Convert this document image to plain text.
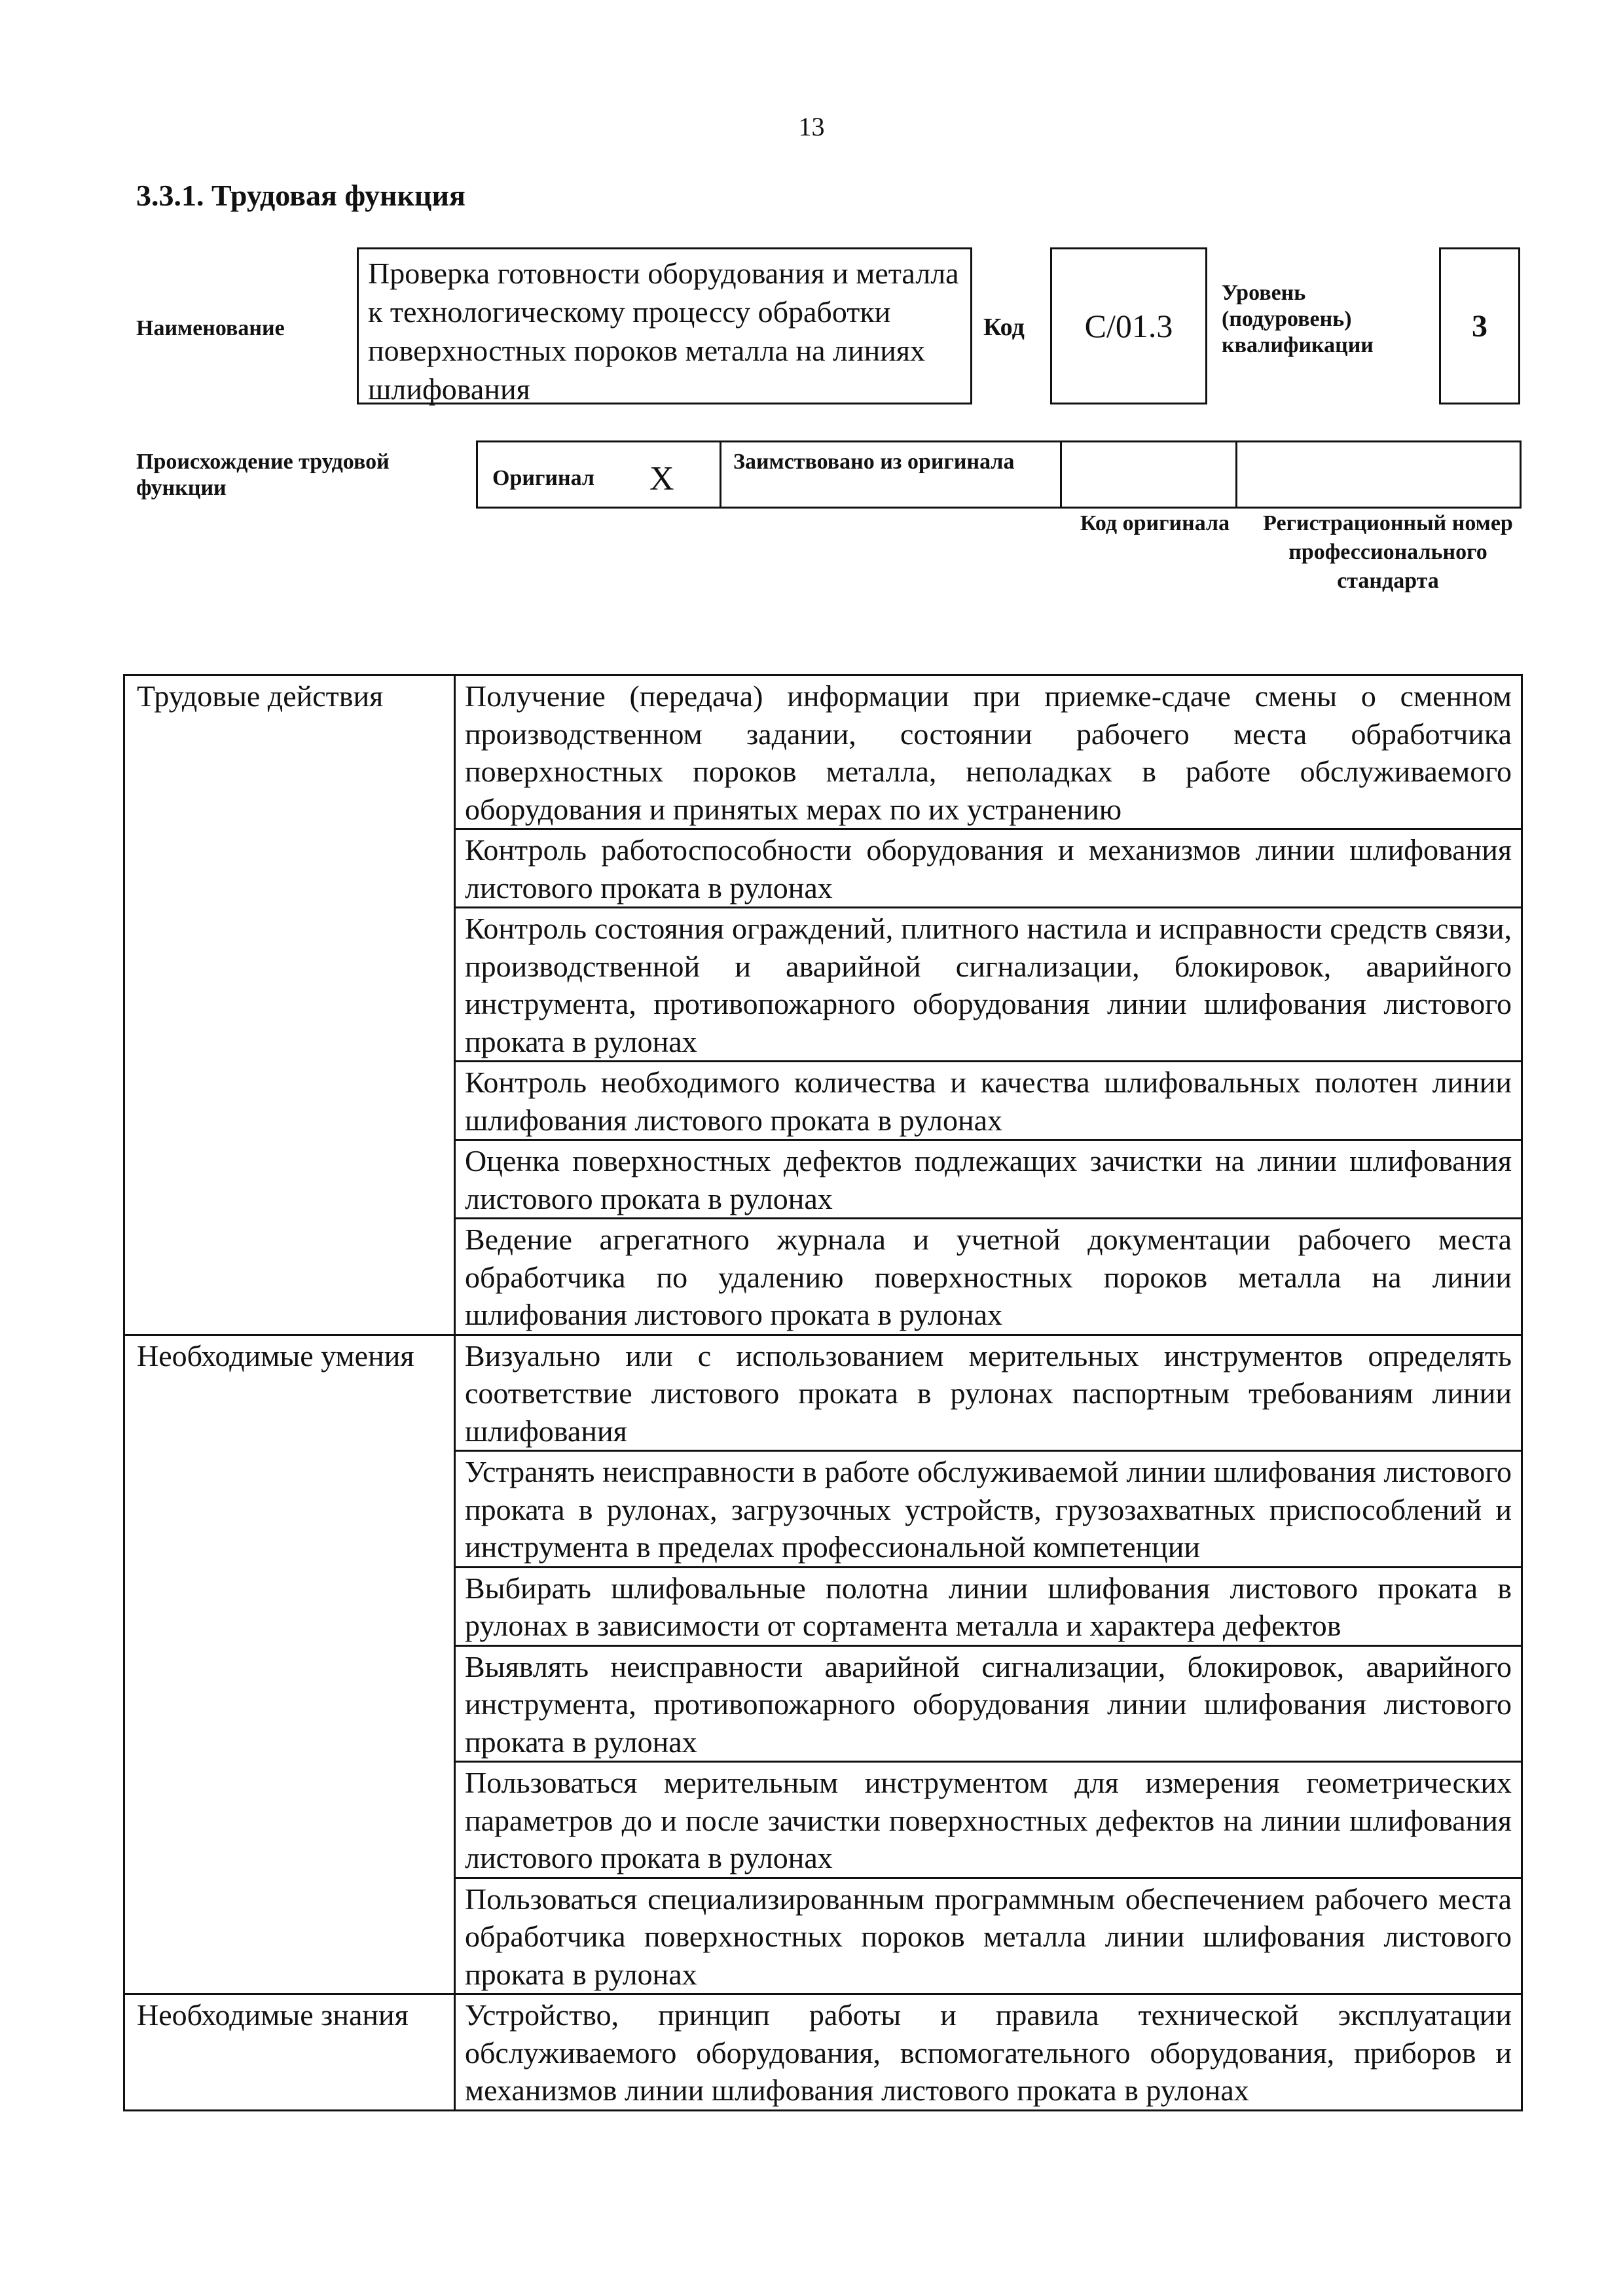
13
3.3.1. Трудовая функция
Наименование
Проверка готовности оборудования и металла к технологическому процессу обработки поверхностных пороков металла на линиях шлифования
Код	C/01.3
Уровень (подуровень) квалификации
3
Происхождение трудовой функции	Оригинал X	Заимствовано из оригинала
Код оригинала	Регистрационный номер профессионального стандарта
Трудовые действия	Получение (передача) информации при приемке-сдаче смены о сменном производственном задании, состоянии рабочего места обработчика поверхностных пороков металла, неполадках в работе обслуживаемого оборудования и принятых мерах по их устранению
	Контроль работоспособности оборудования и механизмов линии шлифования листового проката в рулонах
	Контроль состояния ограждений, плитного настила и исправности средств связи, производственной и аварийной сигнализации, блокировок, аварийного инструмента, противопожарного оборудования линии шлифования листового проката в рулонах
	Контроль необходимого количества и качества шлифовальных полотен линии шлифования листового проката в рулонах
	Оценка поверхностных дефектов подлежащих зачистки на линии шлифования листового проката в рулонах
	Ведение агрегатного журнала и учетной документации рабочего места обработчика по удалению поверхностных пороков металла на линии шлифования листового проката в рулонах
Необходимые умения	Визуально или с использованием мерительных инструментов определять соответствие листового проката в рулонах паспортным требованиям линии шлифования
	Устранять неисправности в работе обслуживаемой линии шлифования листового проката в рулонах, загрузочных устройств, грузозахватных приспособлений и инструмента в пределах профессиональной компетенции
	Выбирать шлифовальные полотна линии шлифования листового проката в рулонах в зависимости от сортамента металла и характера дефектов
	Выявлять неисправности аварийной сигнализации, блокировок, аварийного инструмента, противопожарного оборудования линии шлифования листового проката в рулонах
	Пользоваться мерительным инструментом для измерения геометрических параметров до и после зачистки поверхностных дефектов на линии шлифования листового проката в рулонах
	Пользоваться специализированным программным обеспечением рабочего места обработчика поверхностных пороков металла линии шлифования листового проката в рулонах
Необходимые знания	Устройство, принцип работы и правила технической эксплуатации обслуживаемого оборудования, вспомогательного оборудования, приборов и механизмов линии шлифования листового проката в рулонах
